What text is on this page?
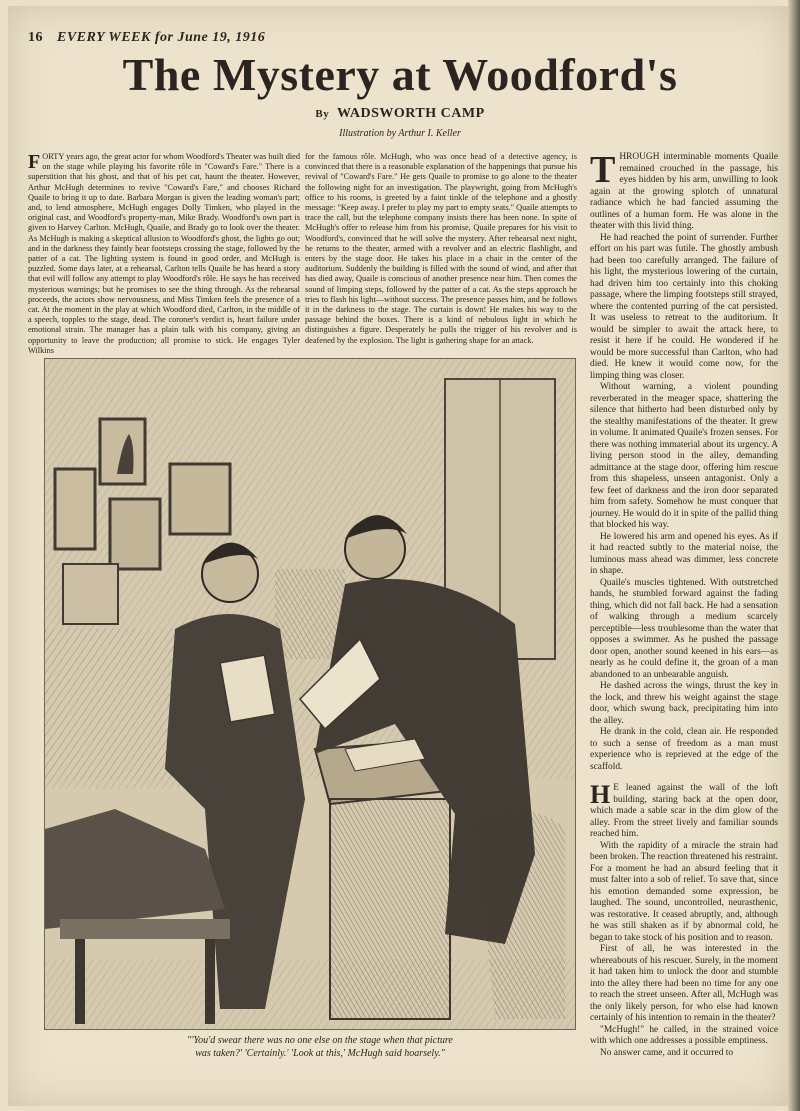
16 EVERY WEEK for June 19, 1916
The Mystery at Woodford's
By WADSWORTH CAMP
Illustration by Arthur I. Keller

FORTY years ago, the great actor for whom Woodford's Theater was built died on the stage while playing his favorite rôle in "Coward's Fare." There is a superstition that his ghost, and that of his pet cat, haunt the theater. However, Arthur McHugh determines to revive "Coward's Fare," and chooses Richard Quaile to bring it up to date. Barbara Morgan is given the leading woman's part; and, to lend atmosphere, McHugh engages Dolly Timken, who played in the original cast, and Woodford's property-man, Mike Brady. Woodford's own part is given to Harvey Carlton. McHugh, Quaile, and Brady go to look over the theater. As McHugh is making a skeptical allusion to Woodford's ghost, the lights go out; and in the darkness they faintly hear footsteps crossing the stage, followed by the patter of a cat. The lighting system is found in good order, and McHugh is puzzled. Some days later, at a rehearsal, Carlton tells Quaile he has heard a story that evil will follow any attempt to play Woodford's rôle. He says he has received mysterious warnings; but he promises to see the thing through. As the rehearsal proceeds, the actors show nervousness, and Miss Timken feels the presence of a cat. At the moment in the play at which Woodford died, Carlton, in the middle of a speech, topples to the stage, dead. The coroner's verdict is, heart failure under emotional strain. The manager has a plain talk with his company, giving an opportunity to leave the production; all promise to stick. He engages Tyler Wilkins

for the famous rôle. McHugh, who was once head of a detective agency, is convinced that there is a reasonable explanation of the happenings that pursue his revival of "Coward's Fare." He gets Quaile to promise to go alone to the theater the following night for an investigation. The playwright, going from McHugh's office to his rooms, is greeted by a faint tinkle of the telephone and a ghostly message: "Keep away. I prefer to play my part to empty seats." Quaile attempts to trace the call, but the telephone company insists there has been none. In spite of McHugh's offer to release him from his promise, Quaile prepares for his visit to Woodford's, convinced that he will solve the mystery. After rehearsal next night, he returns to the theater, armed with a revolver and an electric flashlight, and enters by the stage door. He takes his place in a chair in the center of the auditorium. Suddenly the building is filled with the sound of wind, and after that has died away, Quaile is conscious of another presence near him. Then comes the sound of limping steps, followed by the patter of a cat. As the steps approach he tries to flash his light—without success. The presence passes him, and he follows it in the darkness to the stage. The curtain is down! He makes his way to the passage behind the boxes. There is a kind of nebulous light in which he distinguishes a figure. Desperately he pulls the trigger of his revolver and is deafened by the explosion. The light is gathering shape for an attack.

"'You'd swear there was no one else on the stage when that picture
was taken?' 'Certainly.' 'Look at this,' McHugh said hoarsely."

THROUGH interminable moments Quaile remained crouched in the passage, his eyes hidden by his arm, unwilling to look again at the growing splotch of unnatural radiance which he had fancied assuming the outlines of a human form. He was alone in the theater with this livid thing.

He had reached the point of surrender. Further effort on his part was futile. The ghostly ambush had been too carefully arranged. The failure of his light, the mysterious lowering of the curtain, had driven him too certainly into this choking passage, where the limping footsteps still strayed, where the contented purring of the cat persisted. It was useless to retreat to the auditorium. It would be simpler to await the attack here, to resist it here if he could. He wondered if he would be more successful than Carlton, who had died. He knew it would come now, for the limping thing was closer.

Without warning, a violent pounding reverberated in the meager space, shattering the silence that hitherto had been disturbed only by the stealthy manifestations of the theater. It grew in volume. It animated Quaile's frozen senses. For there was nothing immaterial about its urgency. A living person stood in the alley, demanding admittance at the stage door, offering him rescue from this shapeless, unseen antagonist. Only a few feet of darkness and the iron door separated him from safety. Somehow he must conquer that journey. He would do it in spite of the pallid thing that blocked his way.

He lowered his arm and opened his eyes. As if it had reacted subtly to the material noise, the luminous mass ahead was dimmer, less concrete in shape.

Quaile's muscles tightened. With outstretched hands, he stumbled forward against the fading thing, which did not fall back. He had a sensation of walking through a medium scarcely perceptible—less troublesome than the water that opposes a swimmer. As he pushed the passage door open, another sound keened in his ears—as nearly as he could define it, the groan of a man abandoned to an unbearable anguish.

He dashed across the wings, thrust the key in the lock, and threw his weight against the stage door, which swung back, precipitating him into the alley.

He drank in the cold, clean air. He responded to such a sense of freedom as a man must experience who is reprieved at the edge of the scaffold.

H E leaned against the wall of the loft building, staring back at the open door, which made a sable scar in the dim glow of the alley. From the street lively and familiar sounds reached him.

With the rapidity of a miracle the strain had been broken. The reaction threatened his restraint. For a moment he had an absurd feeling that it must falter into a sob of relief. To save that, since his emotion demanded some expression, he laughed. The sound, uncontrolled, neurasthenic, was restorative. It ceased abruptly, and, although he was still shaken as if by abnormal cold, he began to take stock of his position and to reason.

First of all, he was interested in the whereabouts of his rescuer. Surely, in the moment it had taken him to unlock the door and stumble into the alley there had been no time for any one to reach the street unseen. After all, McHugh was the only likely person, for who else had known certainly of his intention to remain in the theater?

"McHugh!" he called, in the strained voice with which one addresses a possible emptiness.

No answer came, and it occurred to
